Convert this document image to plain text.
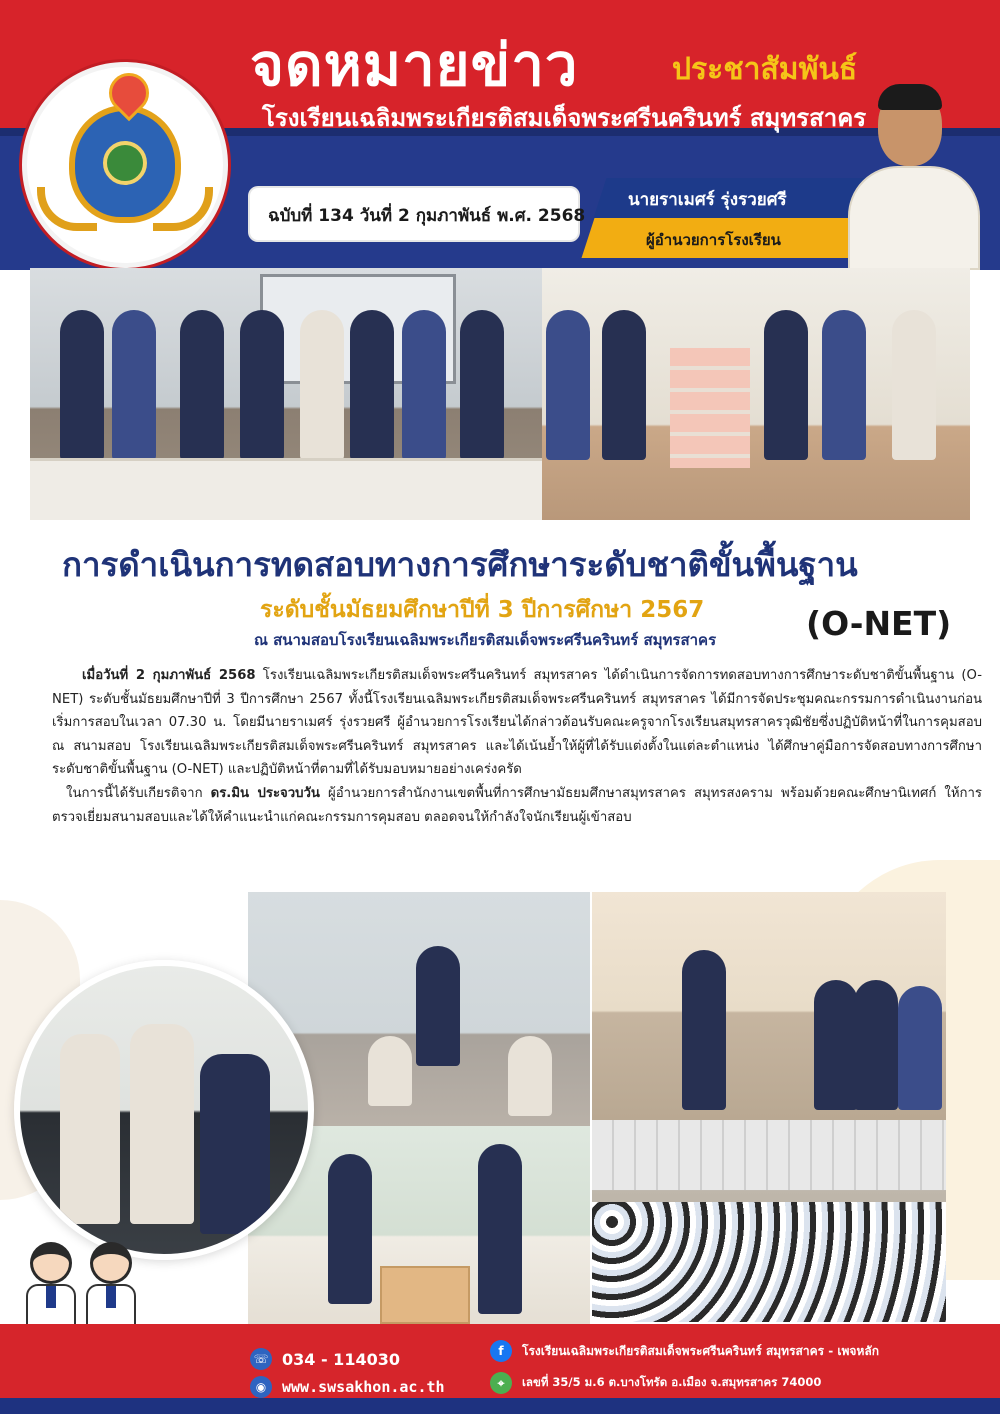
จดหมายข่าว	ประชาสัมพันธ์
โรงเรียนเฉลิมพระเกียรติสมเด็จพระศรีนครินทร์ สมุทรสาคร
ฉบับที่ 134 วันที่ 2 กุมภาพันธ์ พ.ศ. 2568
นายราเมศร์ รุ่งรวยศรี
ผู้อำนวยการโรงเรียน
การดำเนินการทดสอบทางการศึกษาระดับชาติขั้นพื้นฐาน
ระดับชั้นมัธยมศึกษาปีที่ 3 ปีการศึกษา 2567	(O-NET)
ณ สนามสอบโรงเรียนเฉลิมพระเกียรติสมเด็จพระศรีนครินทร์ สมุทรสาคร

เมื่อวันที่ 2 กุมภาพันธ์ 2568 โรงเรียนเฉลิมพระเกียรติสมเด็จพระศรีนครินทร์ สมุทรสาคร ได้ดำเนินการจัดการทดสอบทางการศึกษาระดับชาติขั้นพื้นฐาน (O-NET) ระดับชั้นมัธยมศึกษาปีที่ 3 ปีการศึกษา 2567 ทั้งนี้โรงเรียนเฉลิมพระเกียรติสมเด็จพระศรีนครินทร์ สมุทรสาคร ได้มีการจัดประชุมคณะกรรมการดำเนินงานก่อนเริ่มการสอบในเวลา 07.30 น. โดยมีนายราเมศร์ รุ่งรวยศรี ผู้อำนวยการโรงเรียนได้กล่าวต้อนรับคณะครูจากโรงเรียนสมุทรสาครวุฒิชัยซึ่งปฏิบัติหน้าที่ในการคุมสอบ ณ สนามสอบ โรงเรียนเฉลิมพระเกียรติสมเด็จพระศรีนครินทร์ สมุทรสาคร และได้เน้นย้ำให้ผู้ที่ได้รับแต่งตั้งในแต่ละตำแหน่ง ได้ศึกษาคู่มือการจัดสอบทางการศึกษาระดับชาติขั้นพื้นฐาน (O-NET) และปฏิบัติหน้าที่ตามที่ได้รับมอบหมายอย่างเคร่งครัด

ในการนี้ได้รับเกียรติจาก ดร.มิน ประจวบวัน ผู้อำนวยการสำนักงานเขตพื้นที่การศึกษามัธยมศึกษาสมุทรสาคร สมุทรสงคราม พร้อมด้วยคณะศึกษานิเทศก์ ให้การตรวจเยี่ยมสนามสอบและได้ให้คำแนะนำแก่คณะกรรมการคุมสอบ ตลอดจนให้กำลังใจนักเรียนผู้เข้าสอบ

☏ 034 - 114030
◉	www.swsakhon.ac.th
f	โรงเรียนเฉลิมพระเกียรติสมเด็จพระศรีนครินทร์ สมุทรสาคร - เพจหลัก
⌖	เลขที่ 35/5 ม.6 ต.บางโทรัด อ.เมือง จ.สมุทรสาคร 74000
